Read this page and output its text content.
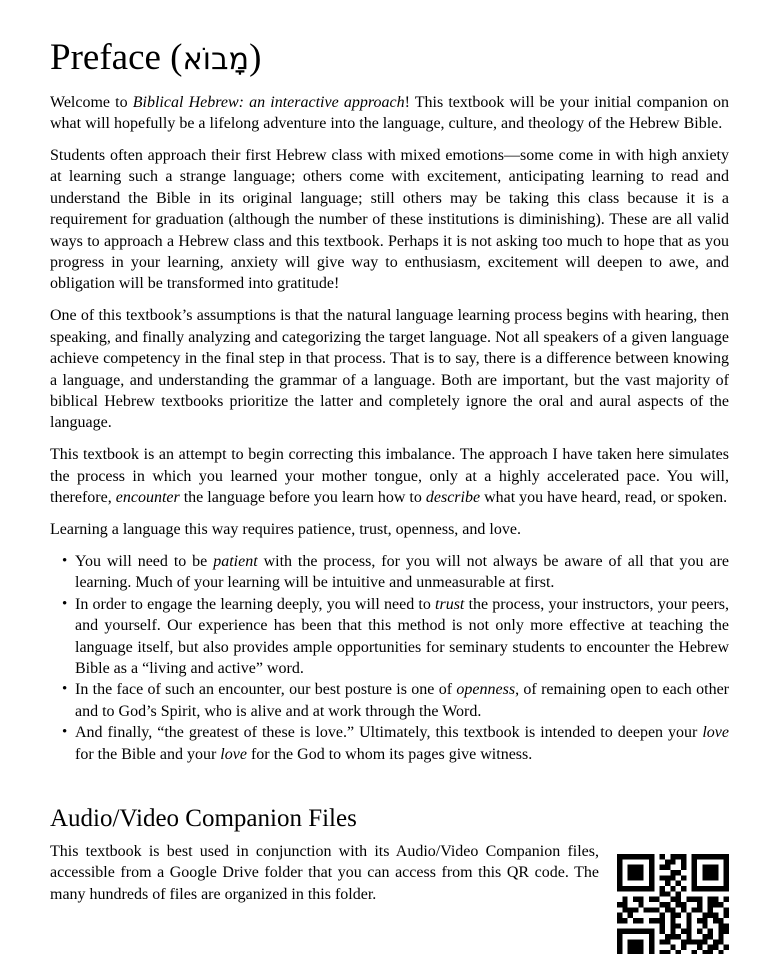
Preface (מָבוֹא)

Welcome to Biblical Hebrew: an interactive approach! This textbook will be your initial companion on what will hopefully be a lifelong adventure into the language, culture, and theology of the Hebrew Bible.

Students often approach their first Hebrew class with mixed emotions—some come in with high anxiety at learning such a strange language; others come with excitement, anticipating learning to read and understand the Bible in its original language; still others may be taking this class because it is a requirement for graduation (although the number of these institutions is diminishing). These are all valid ways to approach a Hebrew class and this textbook. Perhaps it is not asking too much to hope that as you progress in your learning, anxiety will give way to enthusiasm, excitement will deepen to awe, and obligation will be transformed into gratitude!

One of this textbook’s assumptions is that the natural language learning process begins with hearing, then speaking, and finally analyzing and categorizing the target language. Not all speakers of a given language achieve competency in the final step in that process. That is to say, there is a difference between knowing a language, and understanding the grammar of a language. Both are important, but the vast majority of biblical Hebrew textbooks prioritize the latter and completely ignore the oral and aural aspects of the language.

This textbook is an attempt to begin correcting this imbalance. The approach I have taken here simulates the process in which you learned your mother tongue, only at a highly accelerated pace. You will, therefore, encounter the language before you learn how to describe what you have heard, read, or spoken.

Learning a language this way requires patience, trust, openness, and love.

• You will need to be patient with the process, for you will not always be aware of all that you are learning. Much of your learning will be intuitive and unmeasurable at first.
• In order to engage the learning deeply, you will need to trust the process, your instructors, your peers, and yourself. Our experience has been that this method is not only more effective at teaching the language itself, but also provides ample opportunities for seminary students to encounter the Hebrew Bible as a “living and active” word.
• In the face of such an encounter, our best posture is one of openness, of remaining open to each other and to God’s Spirit, who is alive and at work through the Word.
• And finally, “the greatest of these is love.” Ultimately, this textbook is intended to deepen your love for the Bible and your love for the God to whom its pages give witness.
Audio/Video Companion Files

This textbook is best used in conjunction with its Audio/Video Companion files, accessible from a Google Drive folder that you can access from this QR code. The many hundreds of files are organized in this folder.
